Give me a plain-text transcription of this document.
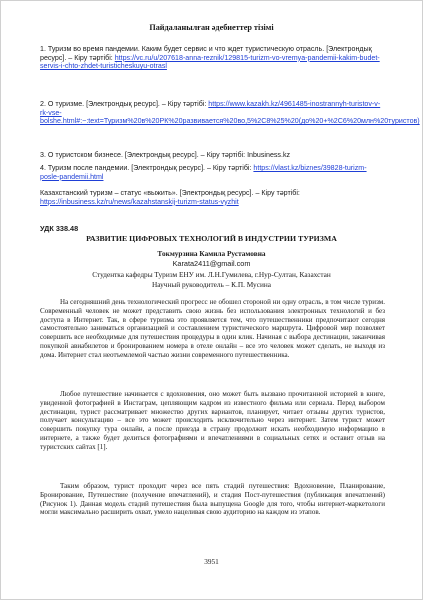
Пайдаланылған әдебиеттер тізімі
1. Туризм во время пандемии. Каким будет сервис и что ждет туристическую отрасль. [Электрондық ресурс]. – Кіру тәртібі: https://vc.ru/u/207618-anna-reznik/129815-turizm-vo-vremya-pandemii-kakim-budet-servis-i-chto-zhdet-turisticheskuyu-otrasl
2. О туризме. [Электрондық ресурс]. – Кіру тәртібі: https://www.kazakh.kz/4961485-inostrannyh-turistov-v-rk-vse-bolshe.html#:~:text=Туризм%20в%20РК%20развивается%20во,5%2C8%25%20(до%20+%2C6%20млн%20туристов)
3. О туристском бизнесе. [Электрондық ресурс]. – Кіру тәртібі: Inbusiness.kz
4. Туризм после пандемии. [Электрондық ресурс]. – Кіру тәртібі: https://vlast.kz/biznes/39828-turizm-posle-pandemii.html
Казахстанский туризм – статус «выжить». [Электрондық ресурс]. – Кіру тәртібі: https://inbusiness.kz/ru/news/kazahstanskij-turizm-status-vyzhit
УДК 338.48
РАЗВИТИЕ ЦИФРОВЫХ ТЕХНОЛОГИЙ В ИНДУСТРИИ ТУРИЗМА
Токмурзина Камила Рустамовна
Karata2411@gmail.com
Студентка кафедры Туризм ЕНУ им. Л.Н.Гумилева, г.Нур-Султан, Казахстан
Научный руководитель – К.П. Мусина

На сегодняшний день технологический прогресс не обошел стороной ни одну отрасль, в том числе туризм. Современный человек не может представить свою жизнь без использования электронных технологий и без доступа в Интернет. Так, в сфере туризма это проявляется тем, что путешественники предпочитают сегодня самостоятельно заниматься организацией и составлением туристического маршрута. Цифровой мир позволяет совершить все необходимые для путешествия процедуры в один клик. Начиная с выбора дестинации, заканчивая покупкой авиабилетов и бронированием номера в отеле онлайн – все это человек может сделать, не выходя из дома. Интернет стал неотъемлемой частью жизни современного путешественника.

Любое путешествие начинается с вдохновения, оно может быть вызвано прочитанной историей в книге, увиденной фотографией в Инстаграм, цепляющим кадром из известного фильма или сериала. Перед выбором дестинации, турист рассматривает множество других вариантов, планирует, читает отзывы других туристов, получает консультацию – все это может происходить исключительно через интернет. Затем турист может совершить покупку тура онлайн, а после приезда в страну продолжит искать необходимую информацию в интернете, а также будет делиться фотографиями и впечатлениями в социальных сетях и оставит отзыв на туристских сайтах [1].

Таким образом, турист проходит через все пять стадий путешествия: Вдохновение, Планирование, Бронирование, Путешествие (получение впечатлений), и стадия Пост-путешествия (публикация впечатлений) (Рисунок 1). Данная модель стадий путешествия была выпущена Google для того, чтобы интернет-маркетологи могли максимально расширить охват, умело нацеливая свою аудиторию на каждом из этапов.

3951
